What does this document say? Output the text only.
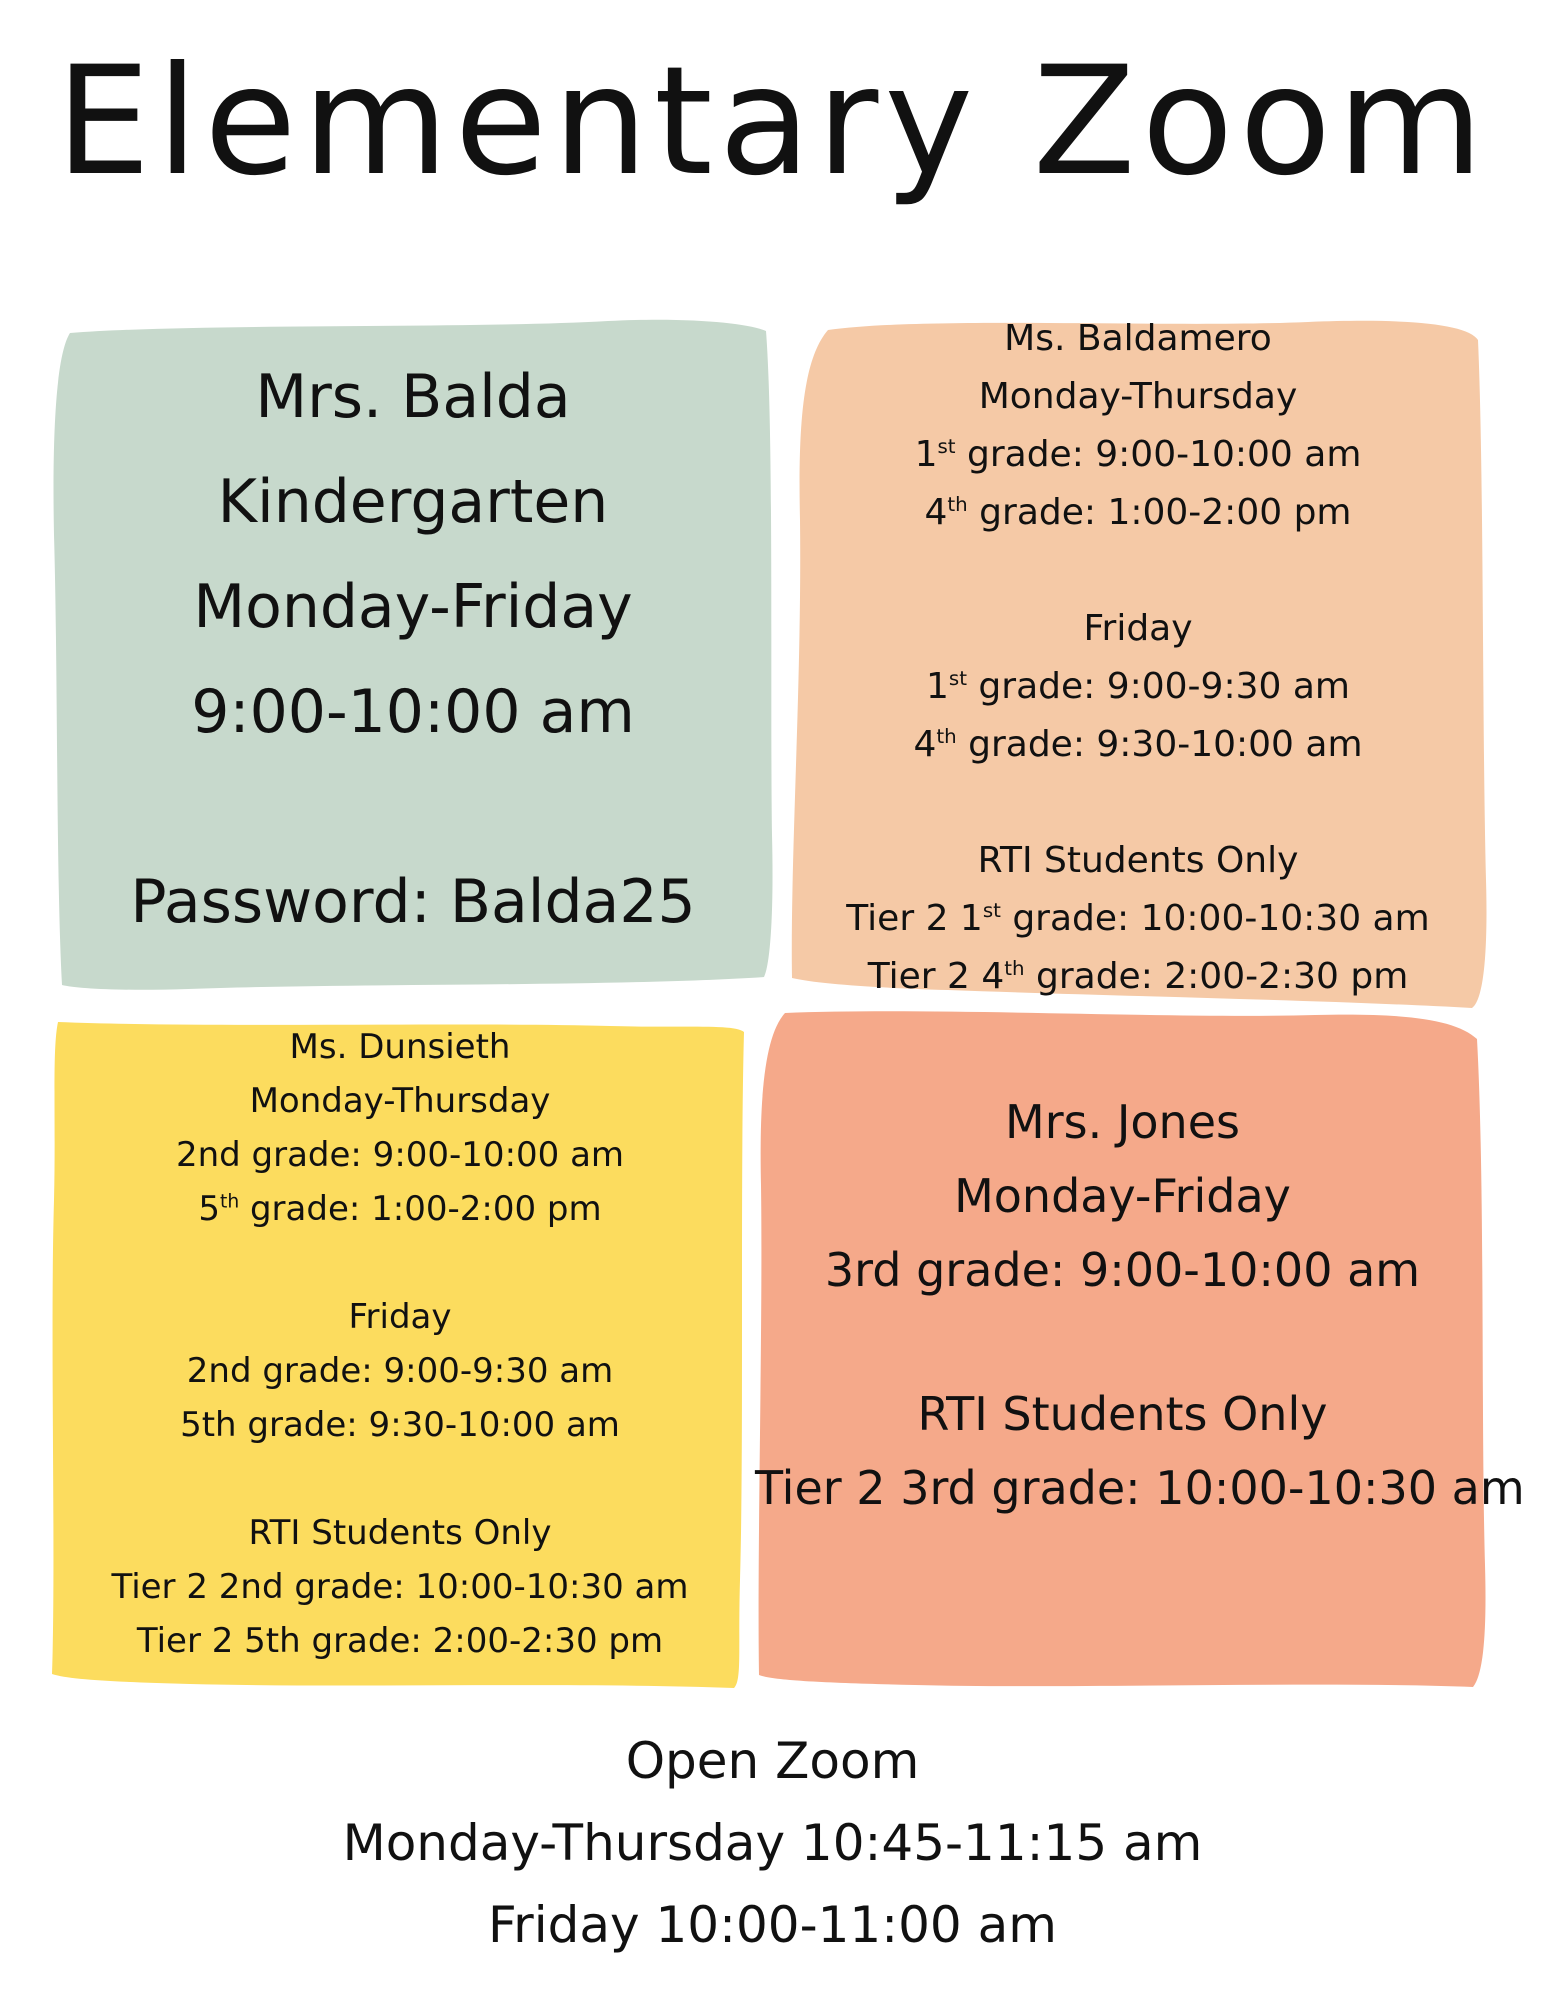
Elementary Zoom
Mrs. Balda
Kindergarten
Monday-Friday
9:00-10:00 am
Password: Balda25
Ms. Baldamero
Monday-Thursday
1st grade: 9:00-10:00 am
4th grade: 1:00-2:00 pm
Friday
1st grade: 9:00-9:30 am
4th grade: 9:30-10:00 am
RTI Students Only
Tier 2 1st grade: 10:00-10:30 am
Tier 2 4th grade: 2:00-2:30 pm
Ms. Dunsieth
Monday-Thursday
2nd grade: 9:00-10:00 am
5th grade: 1:00-2:00 pm
Friday
2nd grade: 9:00-9:30 am
5th grade: 9:30-10:00 am
RTI Students Only
Tier 2 2nd grade: 10:00-10:30 am
Tier 2 5th grade: 2:00-2:30 pm
Mrs. Jones
Monday-Friday
3rd grade: 9:00-10:00 am
RTI Students Only
Tier 2 3rd grade: 10:00-10:30 am
Open Zoom
Monday-Thursday 10:45-11:15 am
Friday 10:00-11:00 am
